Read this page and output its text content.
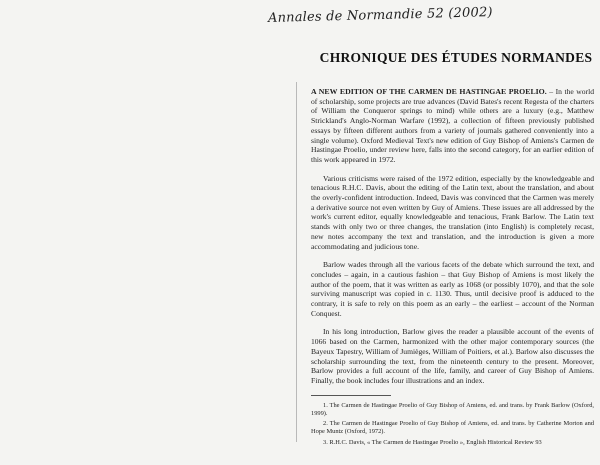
Annales de Normandie 52 (2002)
CHRONIQUE DES ÉTUDES NORMANDES

A NEW EDITION OF THE CARMEN DE HASTINGAE PROELIO. – In the world of scholarship, some projects are true advances (David Bates's recent Regesta of the charters of William the Conqueror springs to mind) while others are a luxury (e.g., Matthew Strickland's Anglo-Norman Warfare (1992), a collection of fifteen previously published essays by fifteen different authors from a variety of journals gathered conveniently into a single volume). Oxford Medieval Text's new edition of Guy Bishop of Amiens's Carmen de Hastingae Proelio, under review here, falls into the second category, for an earlier edition of this work appeared in 1972.

Various criticisms were raised of the 1972 edition, especially by the knowledgeable and tenacious R.H.C. Davis, about the editing of the Latin text, about the translation, and about the overly-confident introduction. Indeed, Davis was convinced that the Carmen was merely a derivative source not even written by Guy of Amiens. These issues are all addressed by the work's current editor, equally knowledgeable and tenacious, Frank Barlow. The Latin text stands with only two or three changes, the translation (into English) is completely recast, new notes accompany the text and translation, and the introduction is given a more accommodating and judicious tone.

Barlow wades through all the various facets of the debate which surround the text, and concludes – again, in a cautious fashion – that Guy Bishop of Amiens is most likely the author of the poem, that it was written as early as 1068 (or possibly 1070), and that the sole surviving manuscript was copied in c. 1130. Thus, until decisive proof is adduced to the contrary, it is safe to rely on this poem as an early – the earliest – account of the Norman Conquest.

In his long introduction, Barlow gives the reader a plausible account of the events of 1066 based on the Carmen, harmonized with the other major contemporary sources (the Bayeux Tapestry, William of Jumièges, William of Poitiers, et al.). Barlow also discusses the scholarship surrounding the text, from the nineteenth century to the present. Moreover, Barlow provides a full account of the life, family, and career of Guy Bishop of Amiens. Finally, the book includes four illustrations and an index.

1. The Carmen de Hastingae Proelio of Guy Bishop of Amiens, ed. and trans. by Frank Barlow (Oxford, 1999).
2. The Carmen de Hastingae Proelio of Guy Bishop of Amiens, ed. and trans. by Catherine Morton and Hope Muntz (Oxford, 1972).
3. R.H.C. Davis, « The Carmen de Hastingae Proelio », English Historical Review 93
